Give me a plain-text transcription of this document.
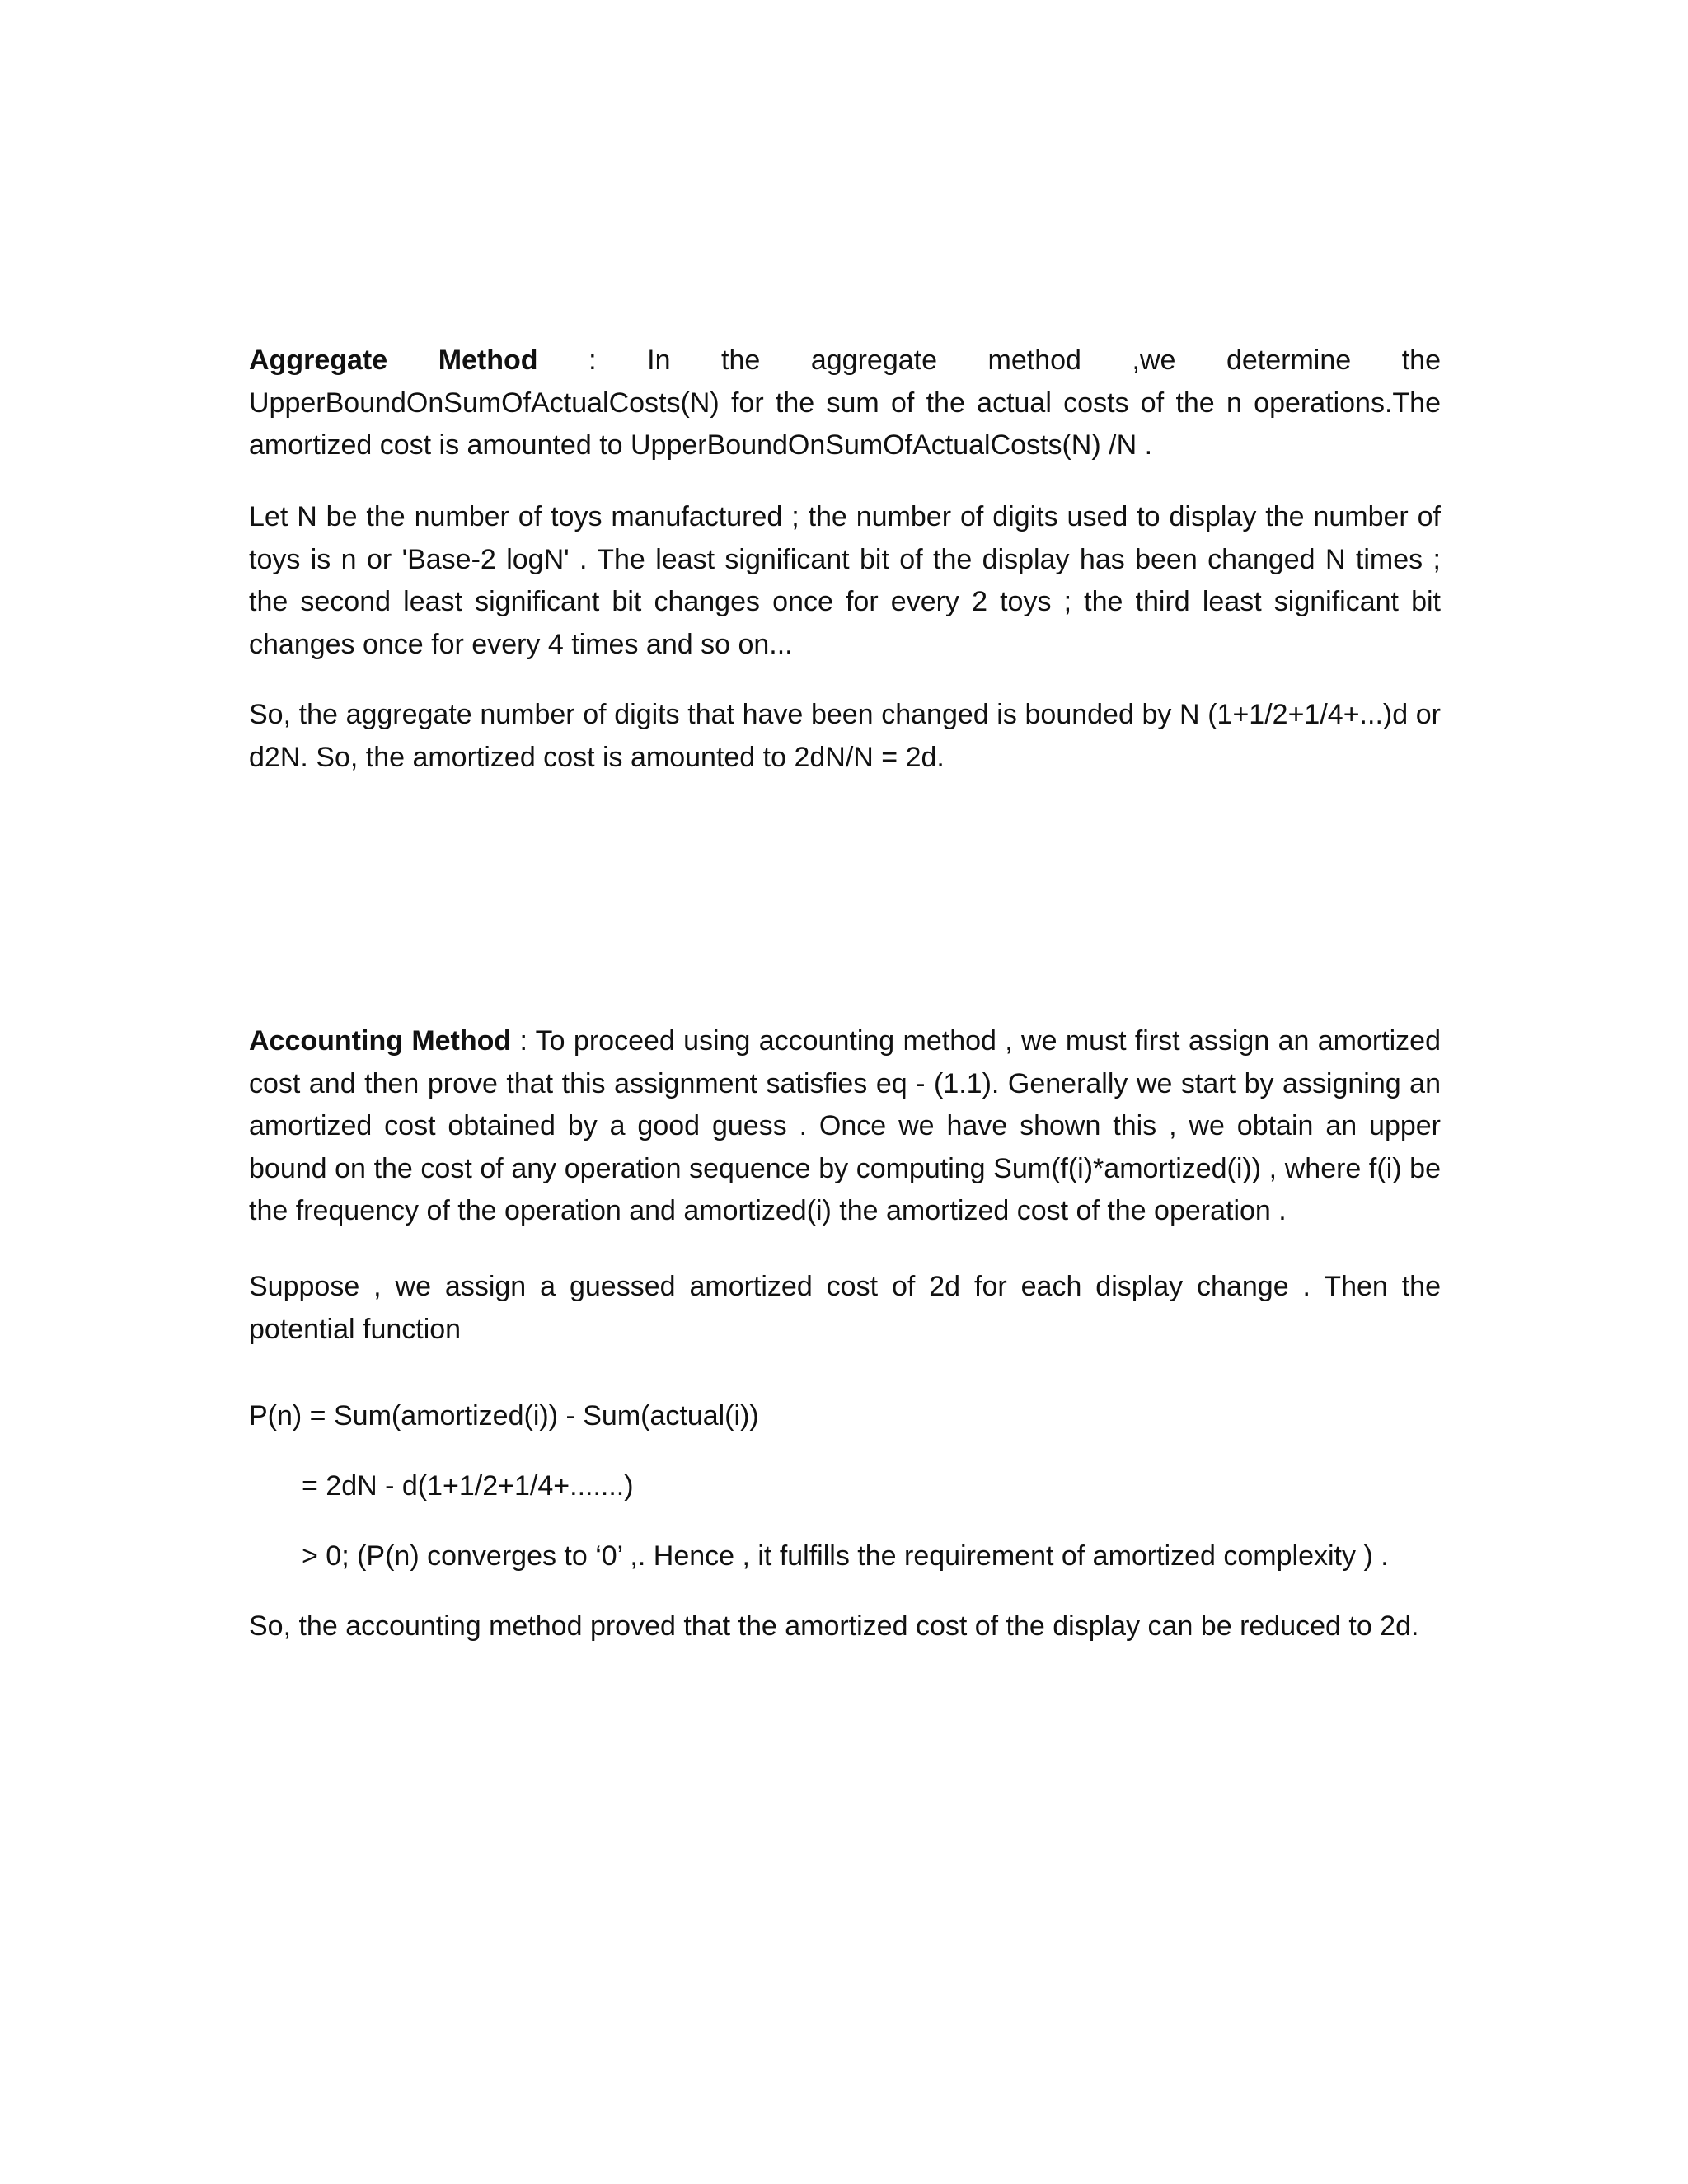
Aggregate Method : In the aggregate method ,we determine the UpperBoundOnSumOfActualCosts(N) for the sum of the actual costs of the n operations.The amortized cost is amounted to UpperBoundOnSumOfActualCosts(N) /N .

Let N be the number of toys manufactured ; the number of digits used to display the number of toys is n or 'Base-2 logN' . The least significant bit of the display has been changed N times ; the second least significant bit changes once for every 2 toys ; the third least significant bit changes once for every 4 times and so on...

So, the aggregate number of digits that have been changed is bounded by N (1+1/2+1/4+...)d or d2N. So, the amortized cost is amounted to 2dN/N = 2d.

Accounting Method : To proceed using accounting method , we must first assign an amortized cost and then prove that this assignment satisfies eq - (1.1). Generally we start by assigning an amortized cost obtained by a good guess . Once we have shown this , we obtain an upper bound on the cost of any operation sequence by computing Sum(f(i)*amortized(i)) , where f(i) be the frequency of the operation and amortized(i) the amortized cost of the operation .

Suppose , we assign a guessed amortized cost of 2d for each display change . Then the potential function

P(n) = Sum(amortized(i)) - Sum(actual(i))

= 2dN - d(1+1/2+1/4+.......)

> 0; (P(n) converges to ‘0’ ,. Hence , it fulfills the requirement of amortized complexity ) .

So, the accounting method proved that the amortized cost of the display can be reduced to 2d.
